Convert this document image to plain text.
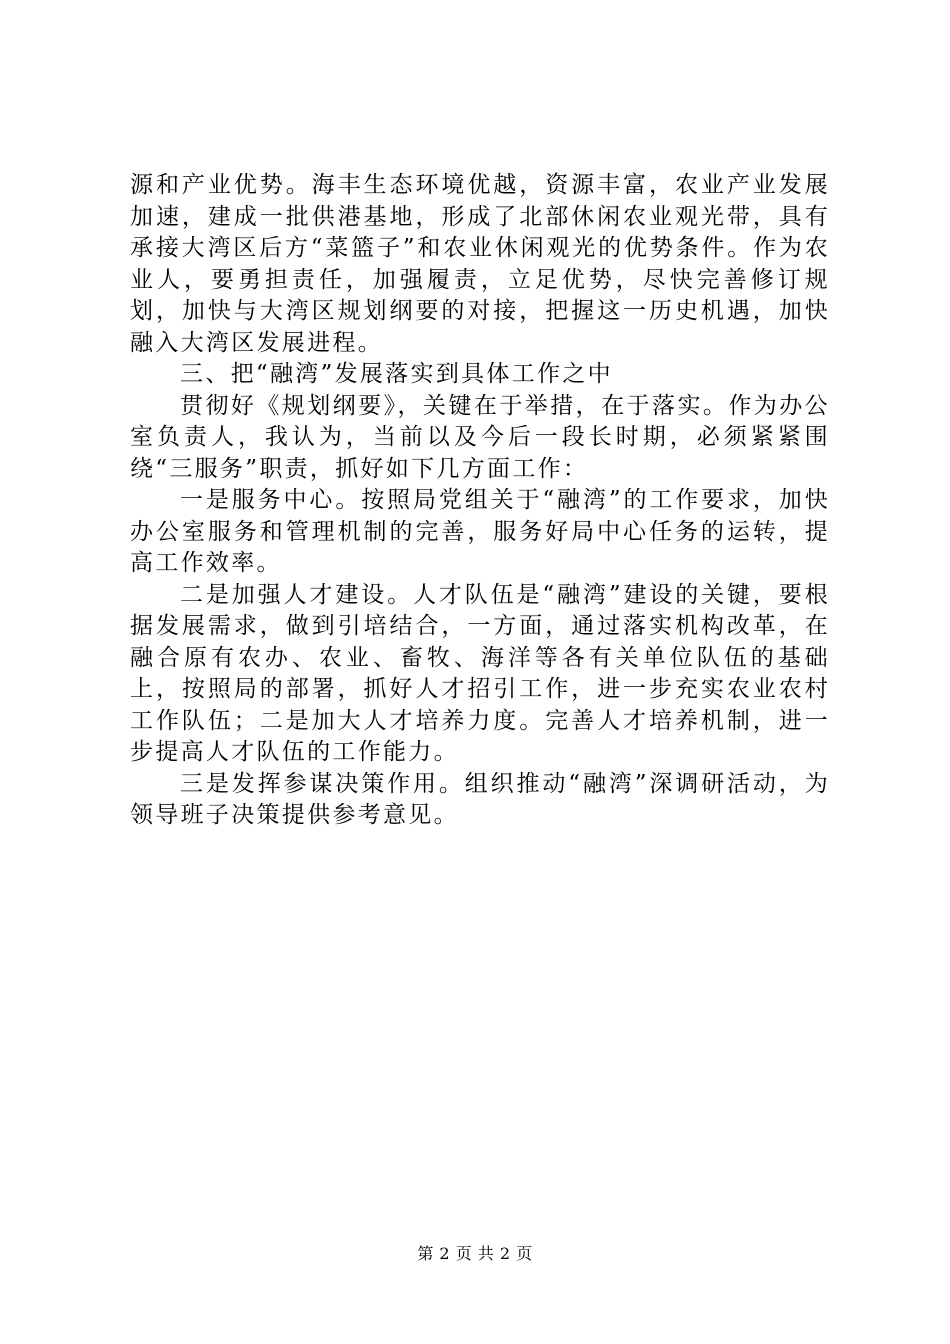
源和产业优势。海丰生态环境优越，资源丰富，农业产业发展加速，建成一批供港基地，形成了北部休闲农业观光带，具有承接大湾区后方“菜篮子”和农业休闲观光的优势条件。作为农业人，要勇担责任，加强履责，立足优势，尽快完善修订规划，加快与大湾区规划纲要的对接，把握这一历史机遇，加快融入大湾区发展进程。

三、把“融湾”发展落实到具体工作之中

贯彻好《规划纲要》，关键在于举措，在于落实。作为办公室负责人，我认为，当前以及今后一段长时期，必须紧紧围绕“三服务”职责，抓好如下几方面工作：

一是服务中心。按照局党组关于“融湾”的工作要求，加快办公室服务和管理机制的完善，服务好局中心任务的运转，提高工作效率。

二是加强人才建设。人才队伍是“融湾”建设的关键，要根据发展需求，做到引培结合，一方面，通过落实机构改革，在融合原有农办、农业、畜牧、海洋等各有关单位队伍的基础上，按照局的部署，抓好人才招引工作，进一步充实农业农村工作队伍；二是加大人才培养力度。完善人才培养机制，进一步提高人才队伍的工作能力。

三是发挥参谋决策作用。组织推动“融湾”深调研活动，为领导班子决策提供参考意见。

第 2 页 共 2 页
